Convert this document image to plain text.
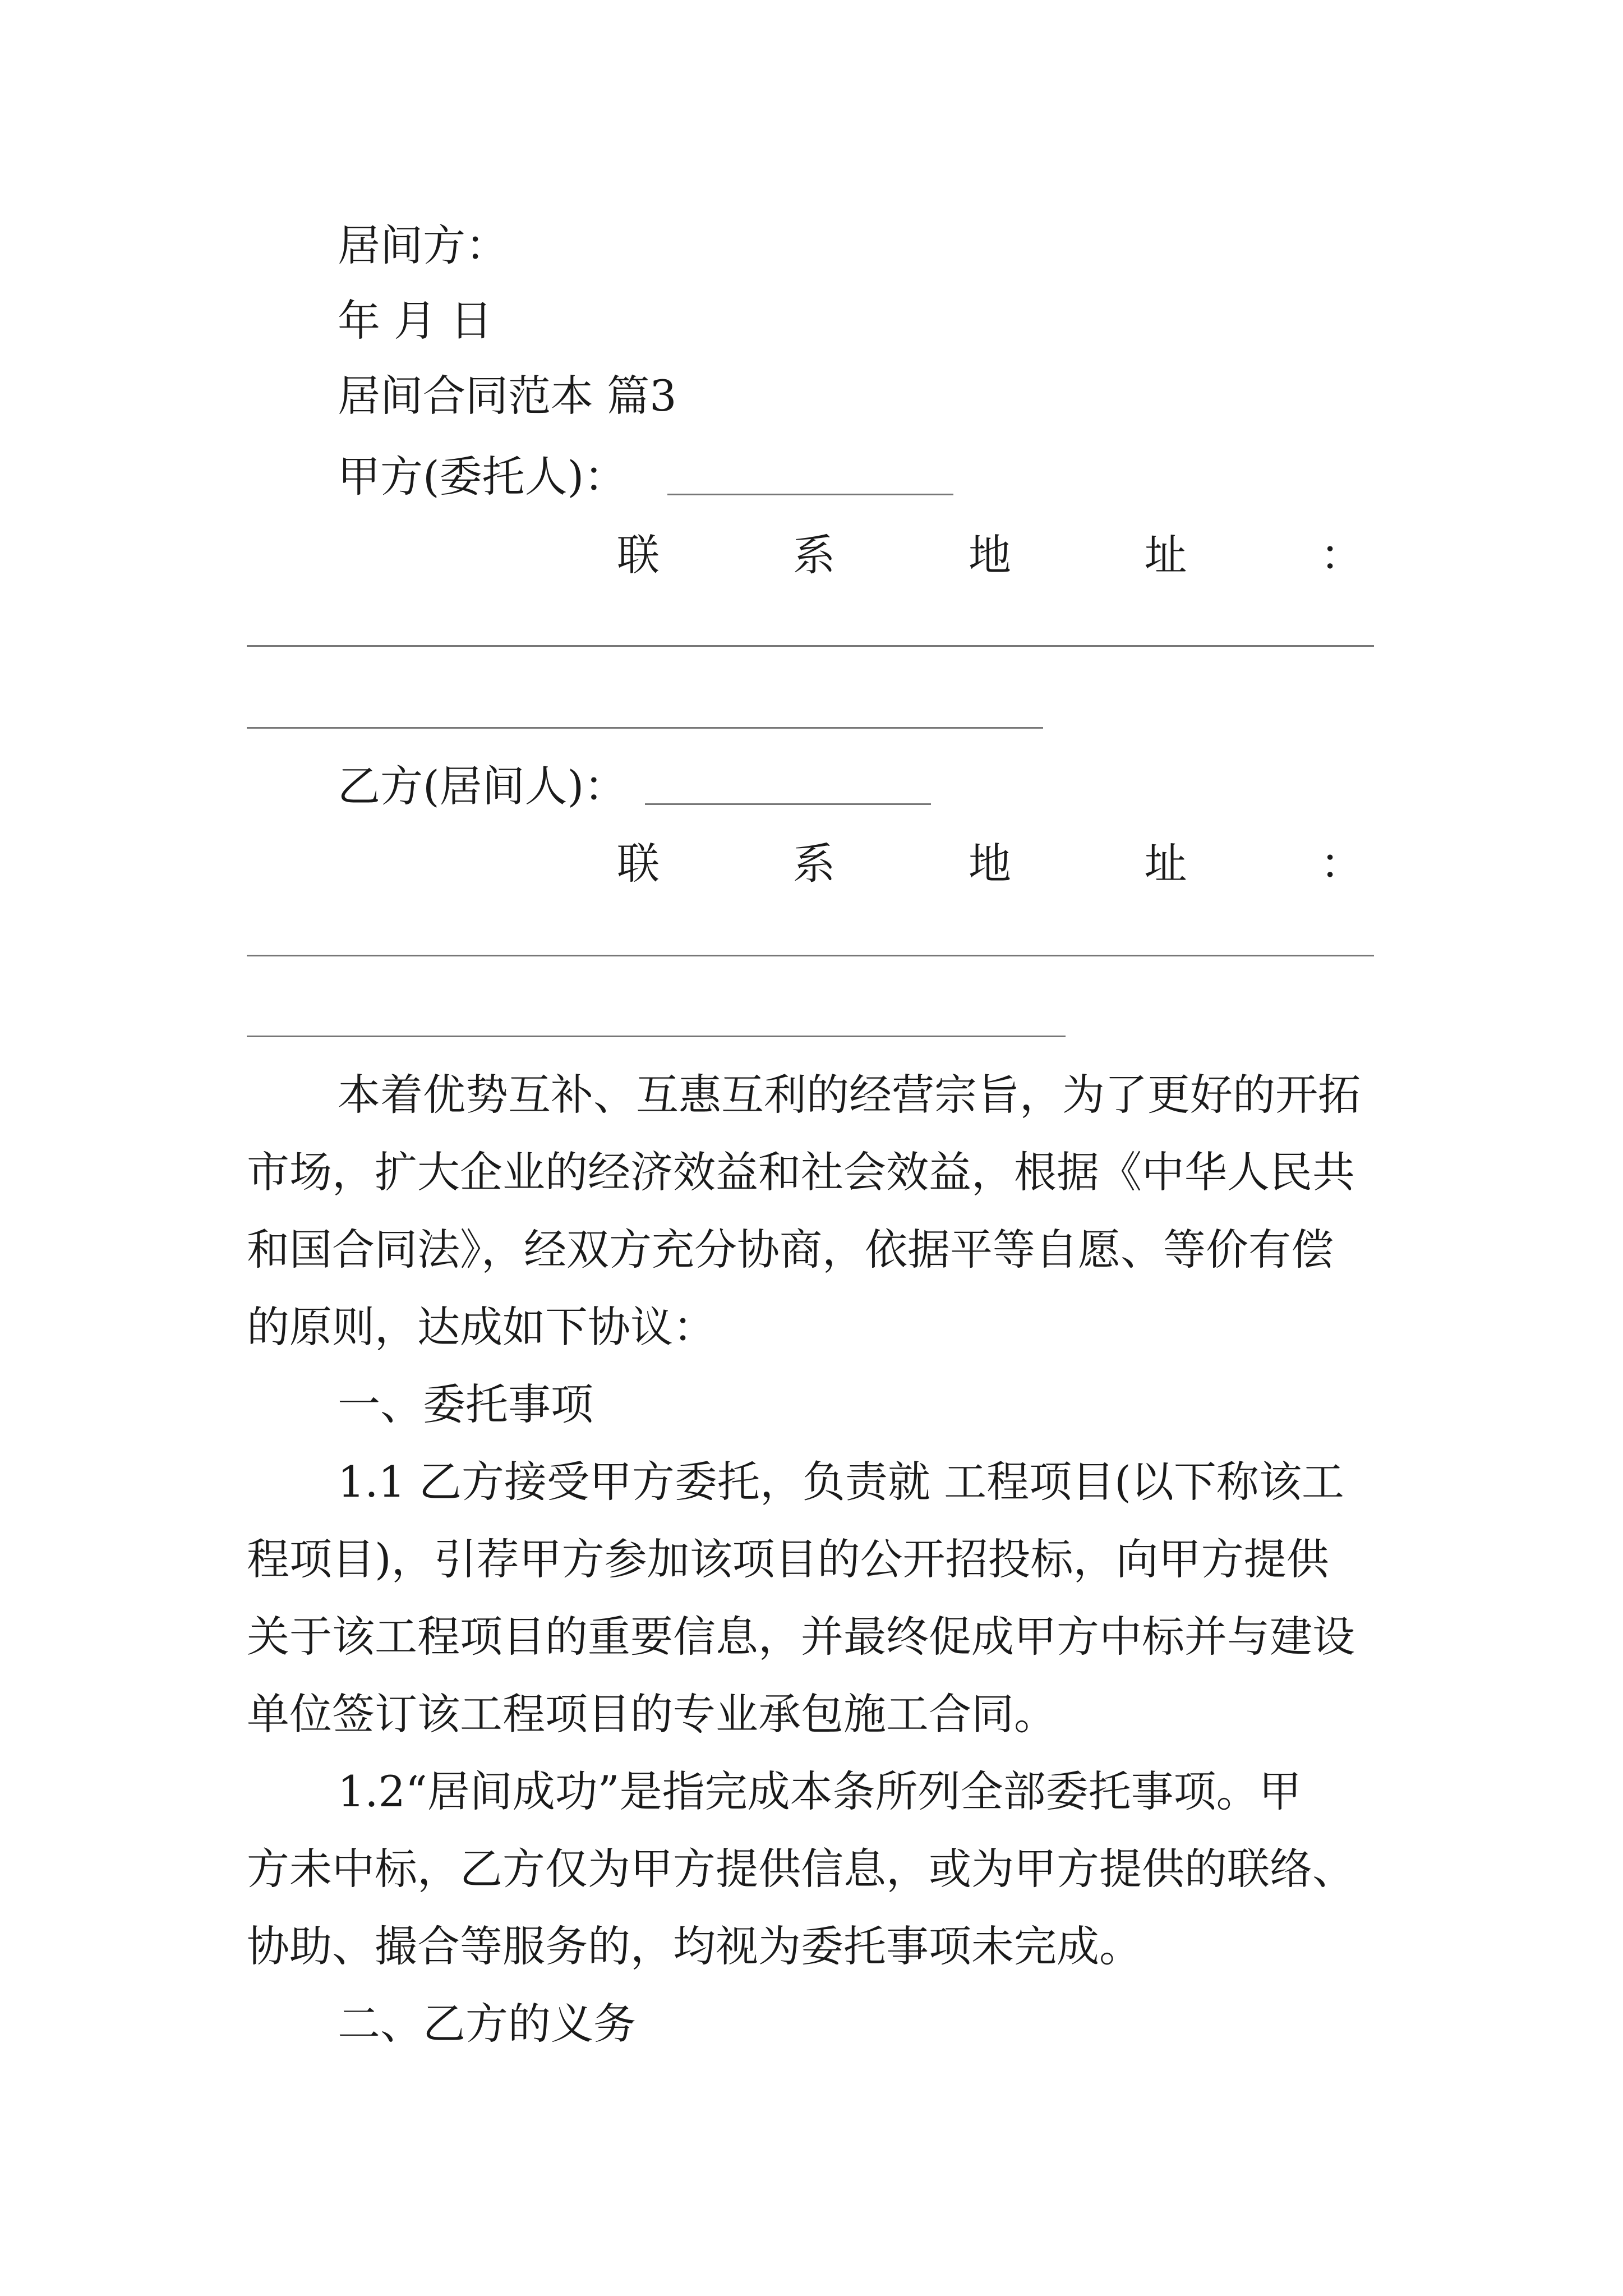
居间方：
年 月 日
居间合同范本 篇3
甲方(委托人)：
联	系	地	址	：
乙方(居间人)：
联	系	地	址	：
本着优势互补、互惠互利的经营宗旨，为了更好的开拓
市场，扩大企业的经济效益和社会效益，根据《中华人民共
和国合同法》，经双方充分协商，依据平等自愿、等价有偿
的原则，达成如下协议：
一、委托事项
1.1 乙方接受甲方委托，负责就 工程项目(以下称该工
程项目)，引荐甲方参加该项目的公开招投标，向甲方提供
关于该工程项目的重要信息，并最终促成甲方中标并与建设
单位签订该工程项目的专业承包施工合同。
1.2“居间成功”是指完成本条所列全部委托事项。甲
方未中标，乙方仅为甲方提供信息，或为甲方提供的联络、
协助、撮合等服务的，均视为委托事项未完成。
二、乙方的义务
